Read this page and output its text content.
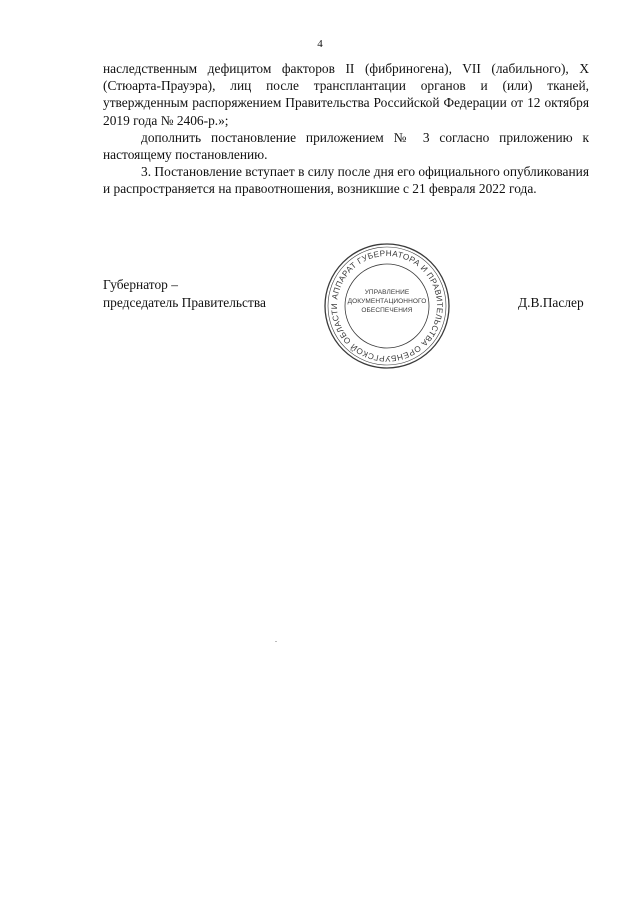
4

наследственным дефицитом факторов II (фибриногена), VII (лабильного), X (Стюарта-Прауэра), лиц после трансплантации органов и (или) тканей, утвержденным распоряжением Правительства Российской Федерации от 12 октября 2019 года № 2406-р.»;

дополнить постановление приложением № 3 согласно приложению к настоящему постановлению.

3. Постановление вступает в силу после дня его официального опубликования и распространяется на правоотношения, возникшие с 21 февраля 2022 года.

Губернатор –
председатель Правительства	АППАРАТ ГУБЕРНАТОРА И ПРАВИТЕЛЬСТВА ОРЕНБУРГСКОЙ ОБЛАСТИ
УПРАВЛЕНИЕ
ДОКУМЕНТАЦИОННОГО
ОБЕСПЕЧЕНИЯ
Д.В.Паслер
